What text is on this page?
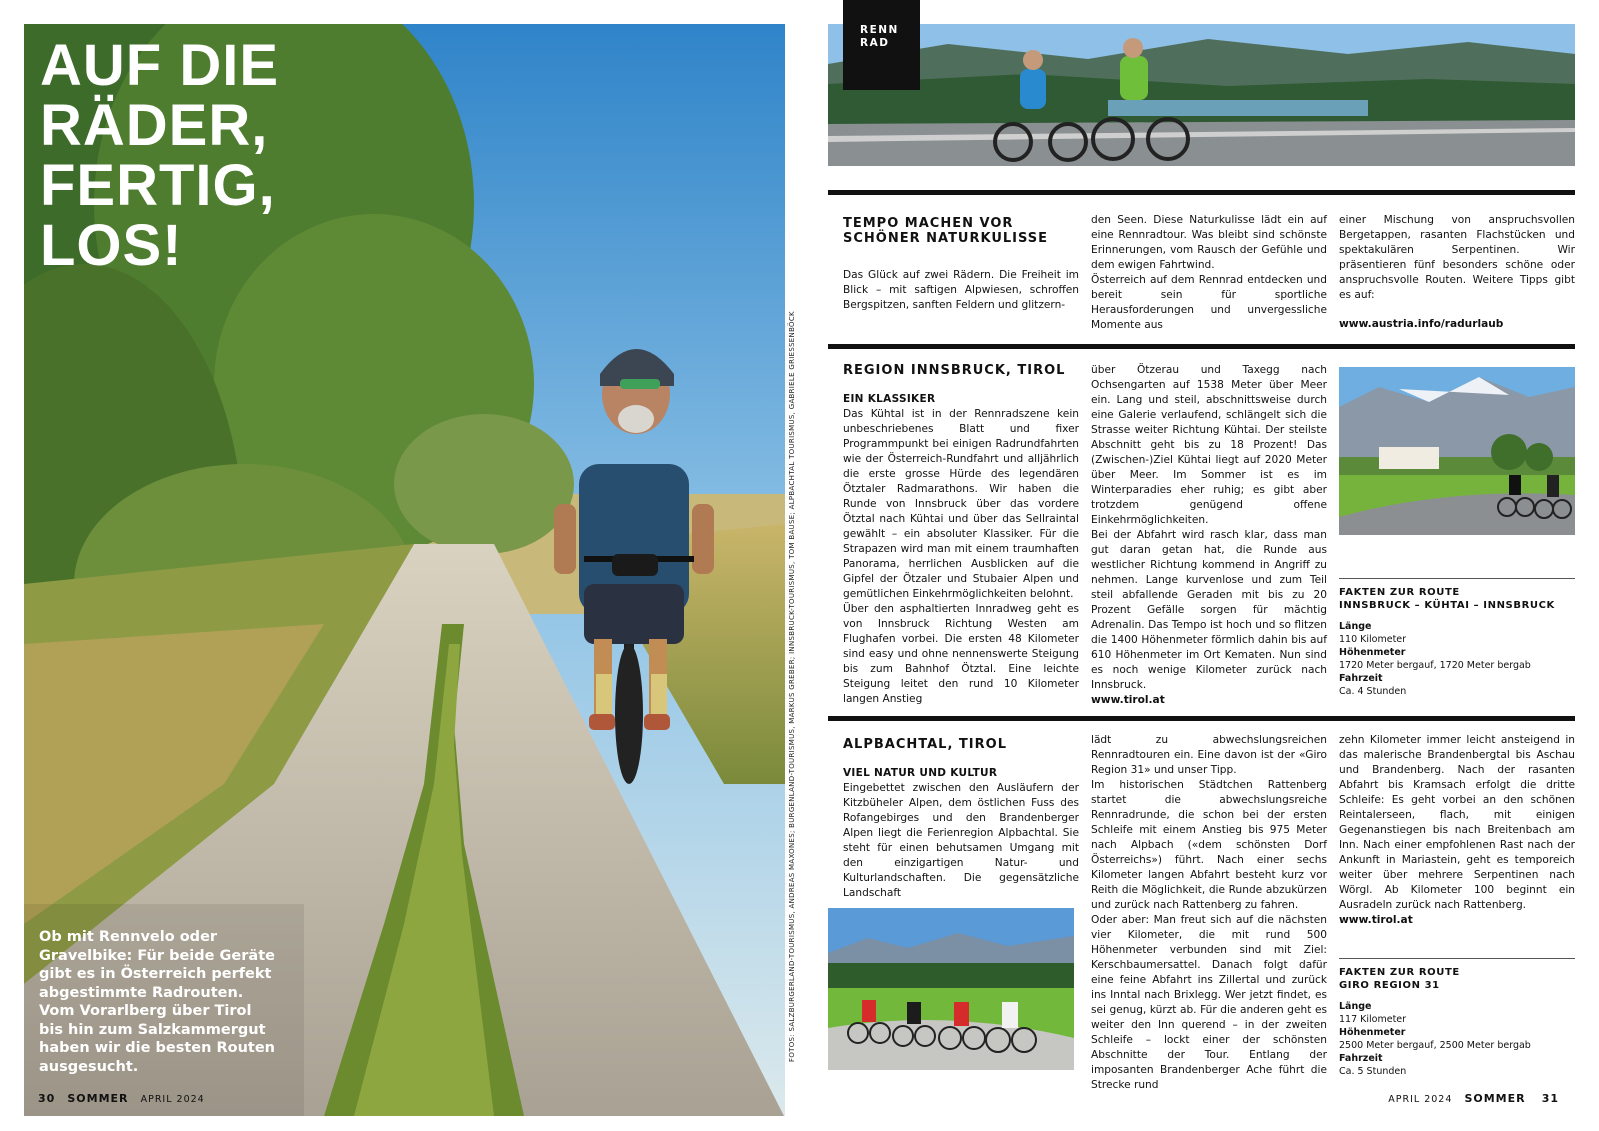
AUF DIE
RÄDER,
FERTIG,
LOS!

Ob mit Rennvelo oder Gravelbike: Für beide Geräte gibt es in Österreich perfekt abgestimmte Radrouten. Vom Vorarlberg über Tirol bis hin zum Salzkammergut haben wir die besten Routen ausgesucht.

30 SOMMER APRIL 2024
FOTOS: SALZBURGERLAND-TOURISMUS, ANDREAS MAXONES; BURGENLAND-TOURISMUS, MARKUS GREBER; INNSBRUCK-TOURISMUS, TOM BAUSE; ALPBACHTAL TOURISMUS, GABRIELE GRIESSENBÖCK
RENN
RAD
TEMPO MACHEN VOR
SCHÖNER NATURKULISSE

Das Glück auf zwei Rädern. Die Freiheit im Blick – mit saftigen Alpwiesen, schroffen Bergspitzen, sanften Feldern und glitzern-

den Seen. Diese Naturkulisse lädt ein auf eine Rennradtour. Was bleibt sind schönste Erinnerungen, vom Rausch der Gefühle und dem ewigen Fahrtwind.

Österreich auf dem Rennrad entdecken und bereit sein für sportliche Herausforderungen und unvergessliche Momente aus

einer Mischung von anspruchsvollen Bergetappen, rasanten Flachstücken und spektakulären Serpentinen. Wir präsentieren fünf besonders schöne oder anspruchsvolle Routen. Weitere Tipps gibt es auf:

www.austria.info/radurlaub

REGION INNSBRUCK, TIROL

EIN KLASSIKER

Das Kühtal ist in der Rennradszene kein unbeschriebenes Blatt und fixer Programmpunkt bei einigen Radrundfahrten wie der Österreich-Rundfahrt und alljährlich die erste grosse Hürde des legendären Ötztaler Radmarathons. Wir haben die Runde von Innsbruck über das vordere Ötztal nach Kühtai und über das Sellraintal gewählt – ein absoluter Klassiker. Für die Strapazen wird man mit einem traumhaften Panorama, herrlichen Ausblicken auf die Gipfel der Ötzaler und Stubaier Alpen und gemütlichen Einkehrmöglichkeiten belohnt.

Über den asphaltierten Innradweg geht es von Innsbruck Richtung Westen am Flughafen vorbei. Die ersten 48 Kilometer sind easy und ohne nennenswerte Steigung bis zum Bahnhof Ötztal. Eine leichte Steigung leitet den rund 10 Kilometer langen Anstieg

über Ötzerau und Taxegg nach Ochsengarten auf 1538 Meter über Meer ein. Lang und steil, abschnittsweise durch eine Galerie verlaufend, schlängelt sich die Strasse weiter Richtung Kühtai. Der steilste Abschnitt geht bis zu 18 Prozent! Das (Zwischen-)Ziel Kühtai liegt auf 2020 Meter über Meer. Im Sommer ist es im Winterparadies eher ruhig; es gibt aber trotzdem genügend offene Einkehrmöglichkeiten.

Bei der Abfahrt wird rasch klar, dass man gut daran getan hat, die Runde aus westlicher Richtung kommend in Angriff zu nehmen. Lange kurvenlose und zum Teil steil abfallende Geraden mit bis zu 20 Prozent Gefälle sorgen für mächtig Adrenalin. Das Tempo ist hoch und so flitzen die 1400 Höhenmeter förmlich dahin bis auf 610 Höhenmeter im Ort Kematen. Nun sind es noch wenige Kilometer zurück nach Innsbruck.

www.tirol.at

FAKTEN ZUR ROUTE

INNSBRUCK – KÜHTAI – INNSBRUCK

Länge
110 Kilometer
Höhenmeter
1720 Meter bergauf, 1720 Meter bergab
Fahrzeit
Ca. 4 Stunden
ALPBACHTAL, TIROL

VIEL NATUR UND KULTUR

Eingebettet zwischen den Ausläufern der Kitzbüheler Alpen, dem östlichen Fuss des Rofangebirges und den Brandenberger Alpen liegt die Ferienregion Alpbachtal. Sie steht für einen behutsamen Umgang mit den einzigartigen Natur- und Kulturlandschaften. Die gegensätzliche Landschaft

lädt zu abwechslungsreichen Rennradtouren ein. Eine davon ist der «Giro Region 31» und unser Tipp.

Im historischen Städtchen Rattenberg startet die abwechslungsreiche Rennradrunde, die schon bei der ersten Schleife mit einem Anstieg bis 975 Meter nach Alpbach («dem schönsten Dorf Österreichs») führt. Nach einer sechs Kilometer langen Abfahrt besteht kurz vor Reith die Möglichkeit, die Runde abzukürzen und zurück nach Rattenberg zu fahren.

Oder aber: Man freut sich auf die nächsten vier Kilometer, die mit rund 500 Höhenmeter verbunden sind mit Ziel: Kerschbaumersattel. Danach folgt dafür eine feine Abfahrt ins Zillertal und zurück ins Inntal nach Brixlegg. Wer jetzt findet, es sei genug, kürzt ab. Für die anderen geht es weiter den Inn querend – in der zweiten Schleife – lockt einer der schönsten Abschnitte der Tour. Entlang der imposanten Brandenberger Ache führt die Strecke rund

zehn Kilometer immer leicht ansteigend in das malerische Brandenbergtal bis Aschau und Brandenberg. Nach der rasanten Abfahrt bis Kramsach erfolgt die dritte Schleife: Es geht vorbei an den schönen Reintalerseen, flach, mit einigen Gegenanstiegen bis nach Breitenbach am Inn. Nach einer empfohlenen Rast nach der Ankunft in Mariastein, geht es temporeich weiter über mehrere Serpentinen nach Wörgl. Ab Kilometer 100 beginnt ein Ausradeln zurück nach Rattenberg.

www.tirol.at

FAKTEN ZUR ROUTE

GIRO REGION 31

Länge
117 Kilometer
Höhenmeter
2500 Meter bergauf, 2500 Meter bergab
Fahrzeit
Ca. 5 Stunden
APRIL 2024 SOMMER 31
